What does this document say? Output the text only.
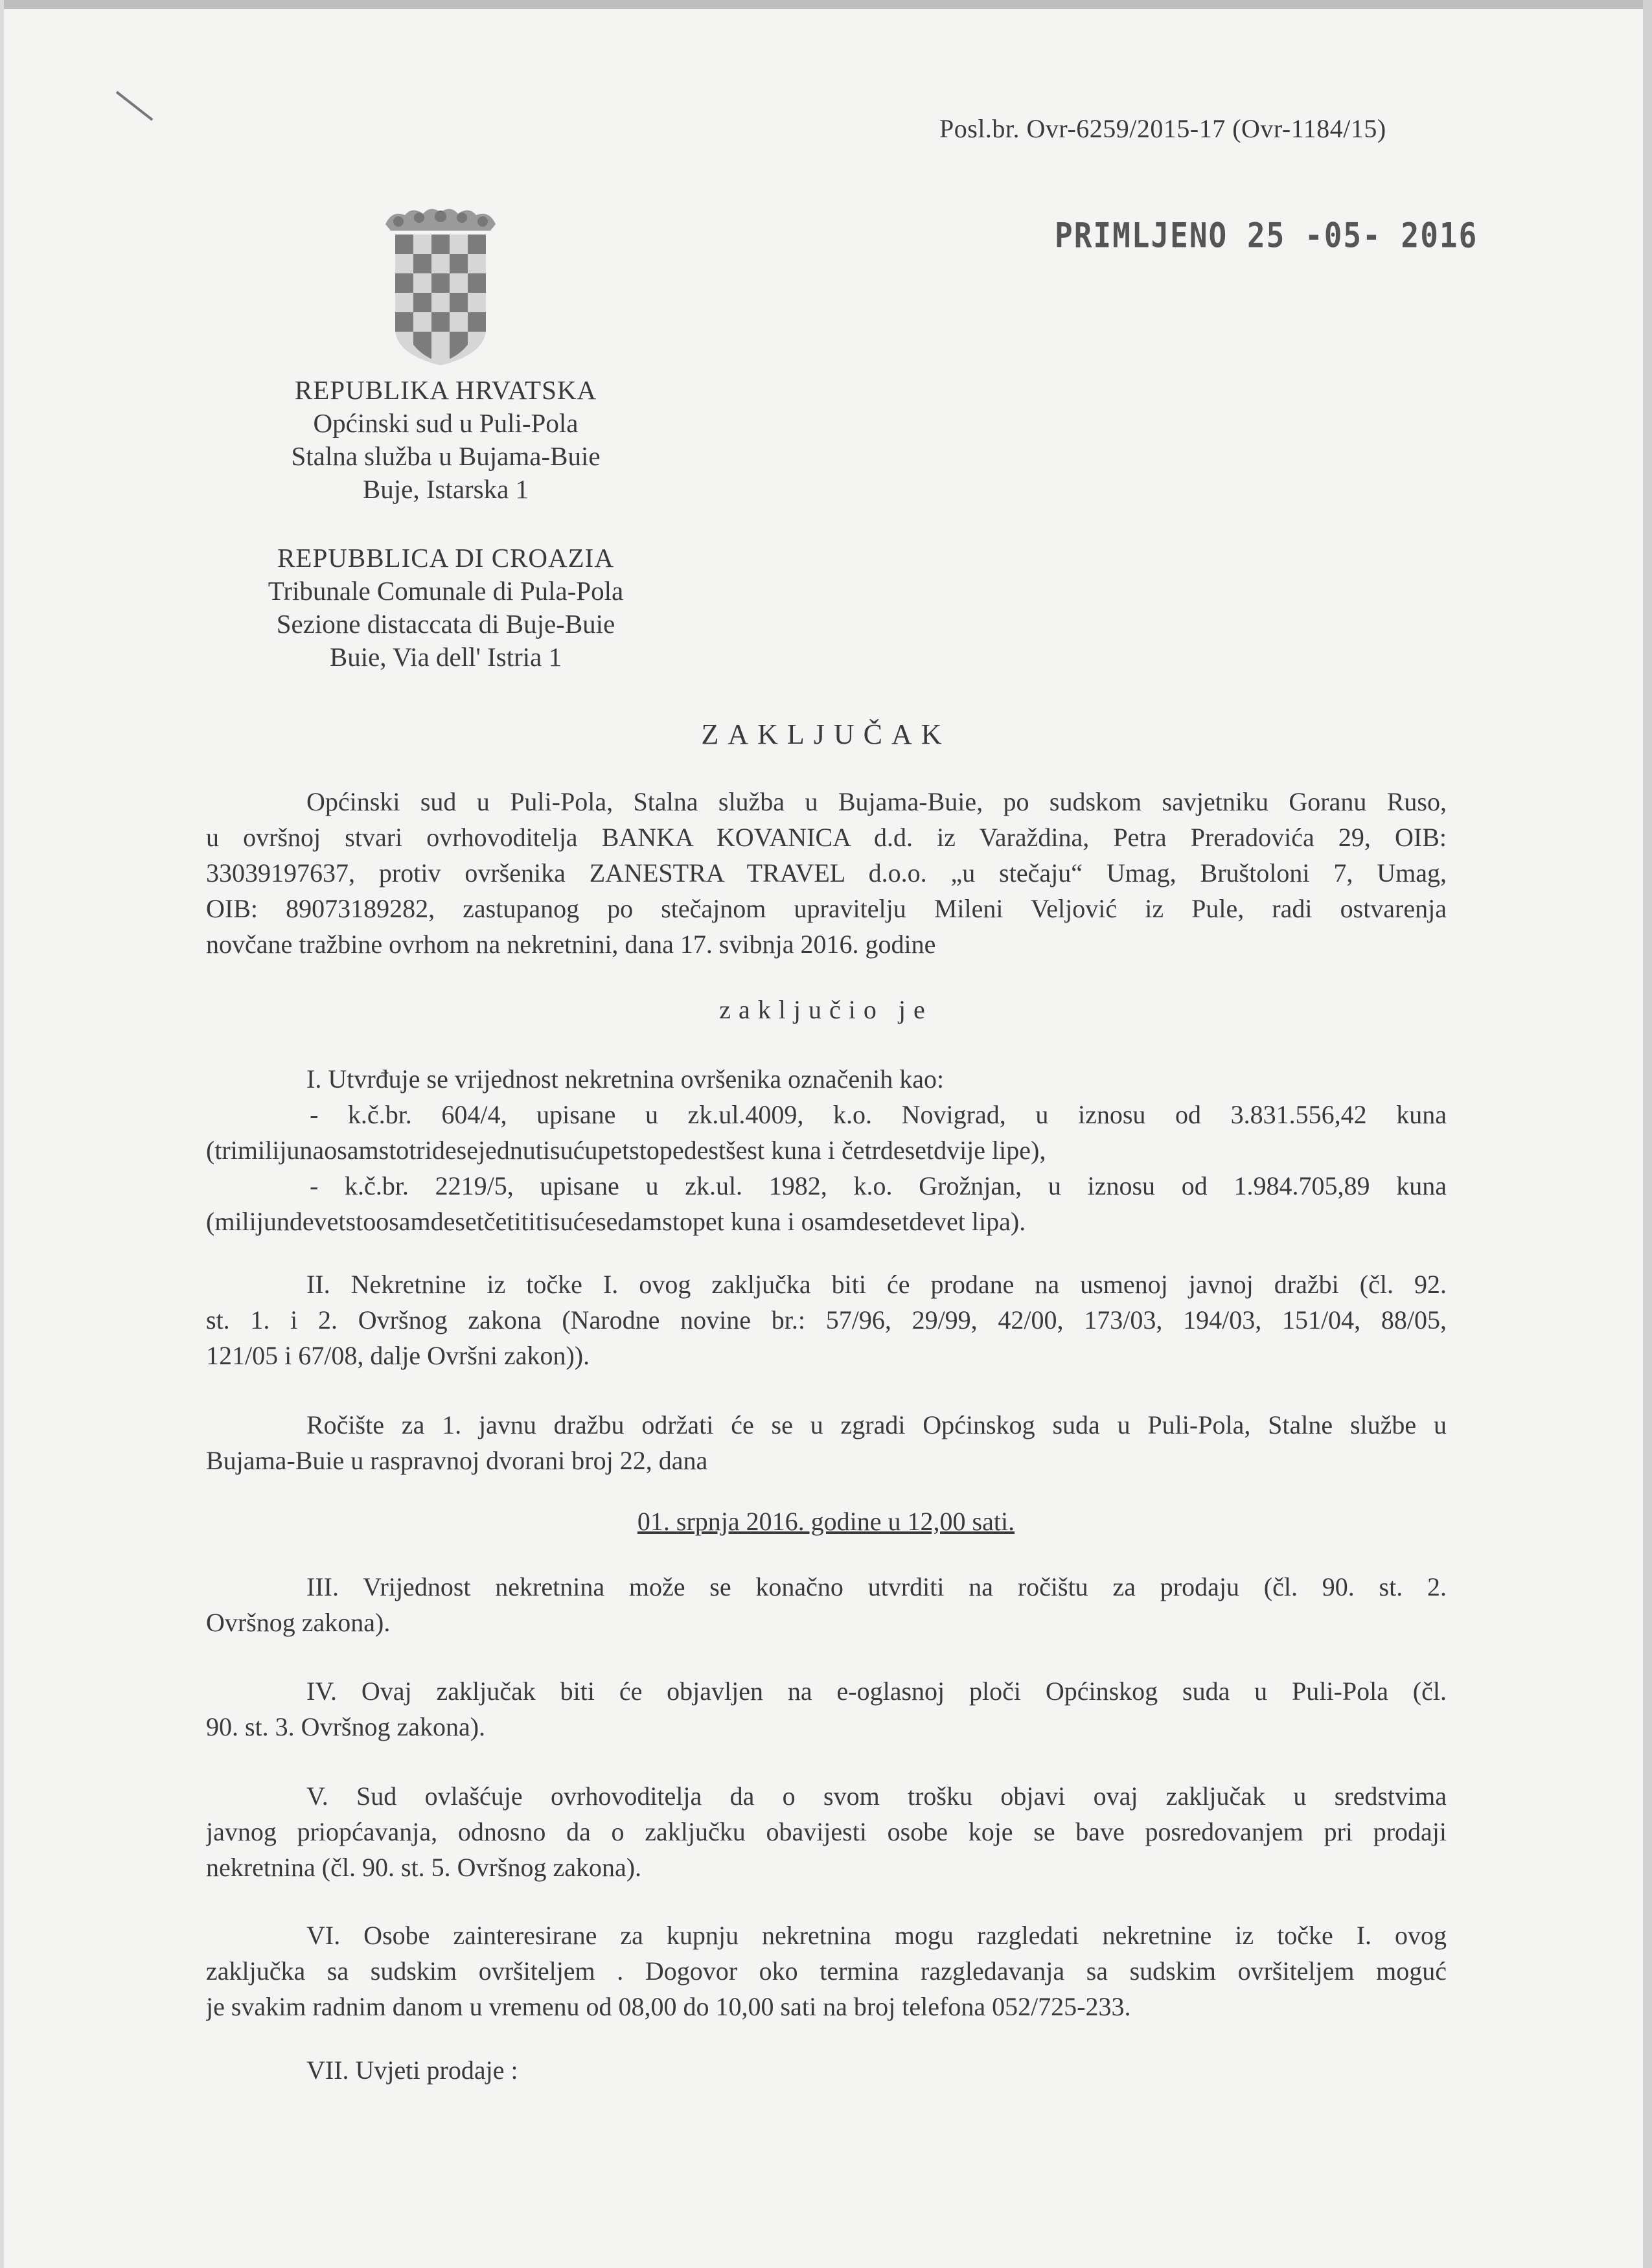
Posl.br. Ovr-6259/2015-17 (Ovr-1184/15)
PRIMLJENO 25 -05- 2016
REPUBLIKA HRVATSKA
Općinski sud u Puli-Pola
Stalna služba u Bujama-Buie
Buje, Istarska 1
REPUBBLICA DI CROAZIA
Tribunale Comunale di Pula-Pola
Sezione distaccata di Buje-Buie
Buie, Via dell' Istria 1
ZAKLJUČAK
Općinski sud u Puli-Pola, Stalna služba u Bujama-Buie, po sudskom savjetniku Goranu Ruso,
u ovršnoj stvari ovrhovoditelja BANKA KOVANICA d.d. iz Varaždina, Petra Preradovića 29, OIB:
33039197637, protiv ovršenika ZANESTRA TRAVEL d.o.o. „u stečaju“ Umag, Bruštoloni 7, Umag,
OIB: 89073189282, zastupanog po stečajnom upravitelju Mileni Veljović iz Pule, radi ostvarenja
novčane tražbine ovrhom na nekretnini, dana 17. svibnja 2016. godine
zaključio je
I. Utvrđuje se vrijednost nekretnina ovršenika označenih kao:
- k.č.br. 604/4, upisane u zk.ul.4009, k.o. Novigrad, u iznosu od 3.831.556,42 kuna
(trimilijunaosamstotridesejednutisućupetstopedestšest kuna i četrdesetdvije lipe),
- k.č.br. 2219/5, upisane u zk.ul. 1982, k.o. Grožnjan, u iznosu od 1.984.705,89 kuna
(milijundevetstoosamdesetčetititisućesedamstopet kuna i osamdesetdevet lipa).
II. Nekretnine iz točke I. ovog zaključka biti će prodane na usmenoj javnoj dražbi (čl. 92.
st. 1. i 2. Ovršnog zakona (Narodne novine br.: 57/96, 29/99, 42/00, 173/03, 194/03, 151/04, 88/05,
121/05 i 67/08, dalje Ovršni zakon)).
Ročište za 1. javnu dražbu održati će se u zgradi Općinskog suda u Puli-Pola, Stalne službe u
Bujama-Buie u raspravnoj dvorani broj 22, dana
01. srpnja 2016. godine u 12,00 sati.
III. Vrijednost nekretnina može se konačno utvrditi na ročištu za prodaju (čl. 90. st. 2.
Ovršnog zakona).
IV. Ovaj zaključak biti će objavljen na e-oglasnoj ploči Općinskog suda u Puli-Pola (čl.
90. st. 3. Ovršnog zakona).
V. Sud ovlašćuje ovrhovoditelja da o svom trošku objavi ovaj zaključak u sredstvima
javnog priopćavanja, odnosno da o zaključku obavijesti osobe koje se bave posredovanjem pri prodaji
nekretnina (čl. 90. st. 5. Ovršnog zakona).
VI. Osobe zainteresirane za kupnju nekretnina mogu razgledati nekretnine iz točke I. ovog
zaključka sa sudskim ovršiteljem . Dogovor oko termina razgledavanja sa sudskim ovršiteljem moguć
je svakim radnim danom u vremenu od 08,00 do 10,00 sati na broj telefona 052/725-233.
VII. Uvjeti prodaje :
